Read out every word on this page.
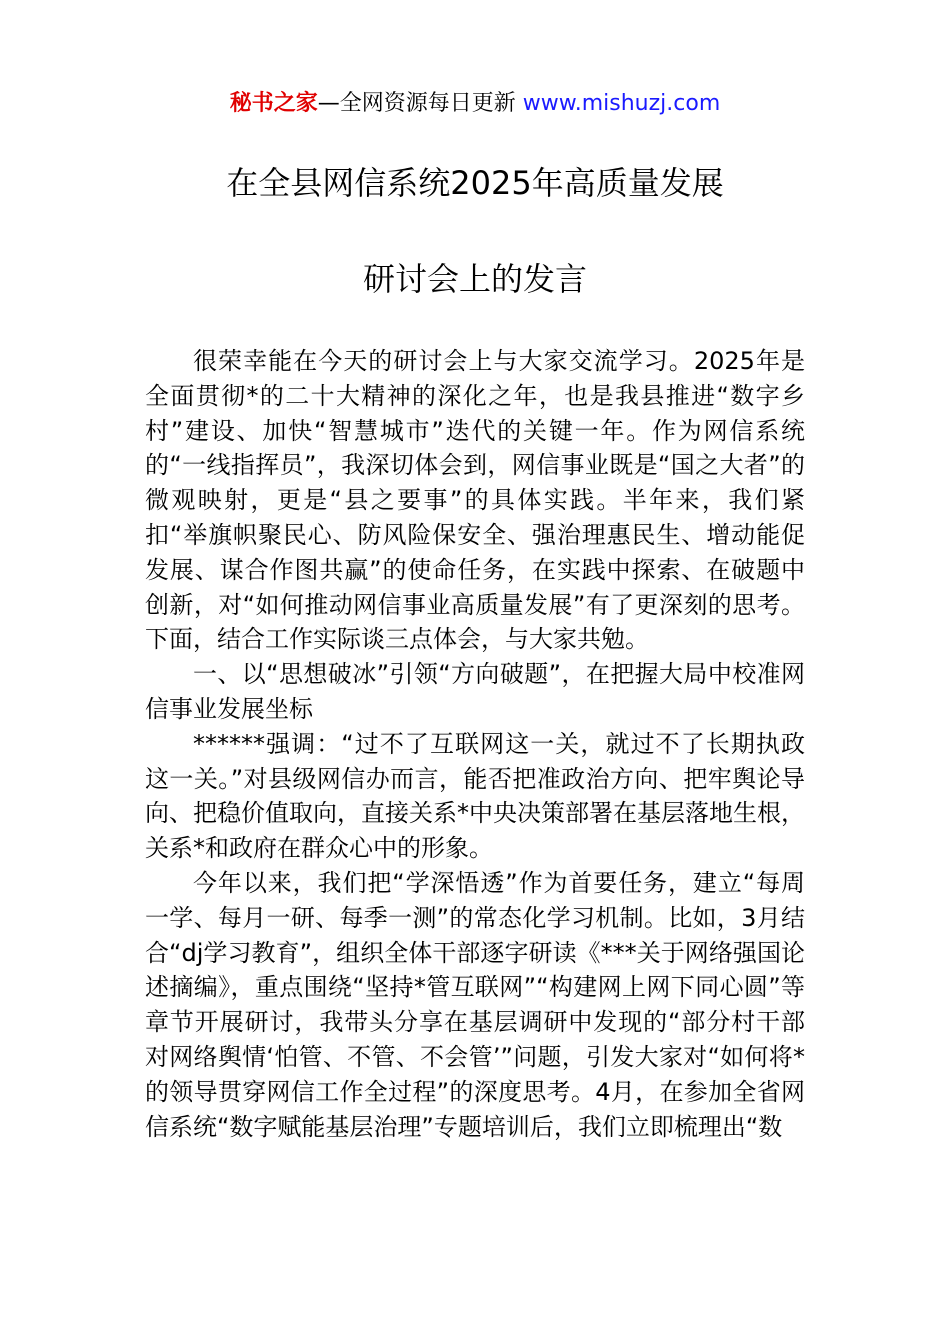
秘书之家—全网资源每日更新 www.mishuzj.com
在全县网信系统2025年高质量发展
研讨会上的发言

很荣幸能在今天的研讨会上与大家交流学习。2025年是全面贯彻*的二十大精神的深化之年，也是我县推进“数字乡村”建设、加快“智慧城市”迭代的关键一年。作为网信系统的“一线指挥员”，我深切体会到，网信事业既是“国之大者”的微观映射，更是“县之要事”的具体实践。半年来，我们紧扣“举旗帜聚民心、防风险保安全、强治理惠民生、增动能促发展、谋合作图共赢”的使命任务，在实践中探索、在破题中创新，对“如何推动网信事业高质量发展”有了更深刻的思考。下面，结合工作实际谈三点体会，与大家共勉。

一、以“思想破冰”引领“方向破题”，在把握大局中校准网信事业发展坐标

******强调：“过不了互联网这一关，就过不了长期执政这一关。”对县级网信办而言，能否把准政治方向、把牢舆论导向、把稳价值取向，直接关系*中央决策部署在基层落地生根，关系*和政府在群众心中的形象。

今年以来，我们把“学深悟透”作为首要任务，建立“每周一学、每月一研、每季一测”的常态化学习机制。比如，3月结合“dj学习教育”，组织全体干部逐字研读《***关于网络强国论述摘编》，重点围绕“坚持*管互联网”“构建网上网下同心圆”等章节开展研讨，我带头分享在基层调研中发现的“部分村干部对网络舆情‘怕管、不管、不会管’”问题，引发大家对“如何将*的领导贯穿网信工作全过程”的深度思考。4月，在参加全省网信系统“数字赋能基层治理”专题培训后，我们立即梳理出“数
